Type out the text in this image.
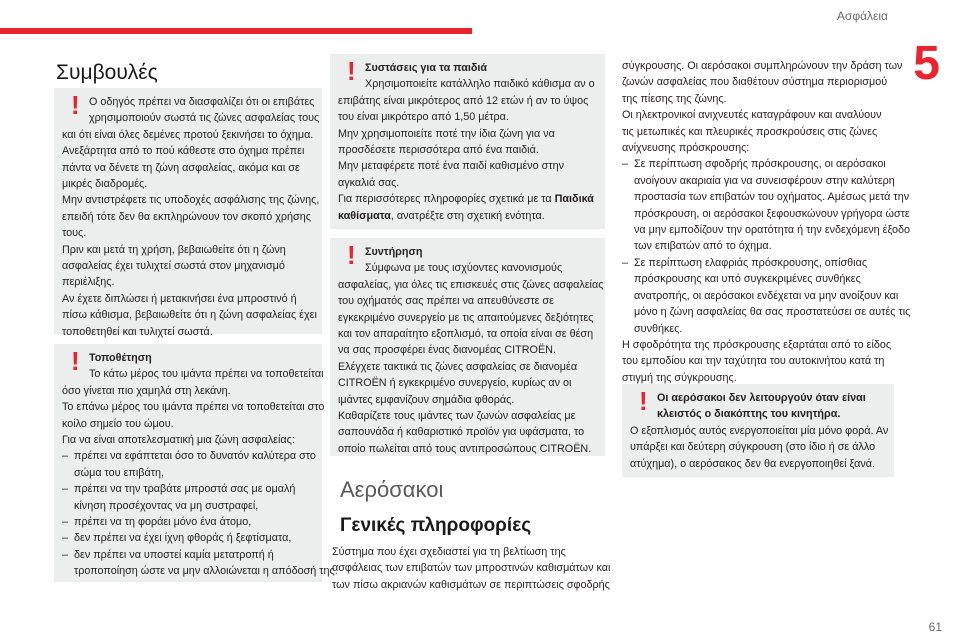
Ασφάλεια
5
61
Συμβουλές
! Ο οδηγός πρέπει να διασφαλίζει ότι οι επιβάτες

χρησιμοποιούν σωστά τις ζώνες ασφαλείας τους

και ότι είναι όλες δεμένες προτού ξεκινήσει το όχημα.

Ανεξάρτητα από το πού κάθεστε στο όχημα πρέπει

πάντα να δένετε τη ζώνη ασφαλείας, ακόμα και σε

μικρές διαδρομές.

Μην αντιστρέφετε τις υποδοχές ασφάλισης της ζώνης,

επειδή τότε δεν θα εκπληρώνουν τον σκοπό χρήσης

τους.

Πριν και μετά τη χρήση, βεβαιωθείτε ότι η ζώνη

ασφαλείας έχει τυλιχτεί σωστά στον μηχανισμό

περιέλιξης.

Αν έχετε διπλώσει ή μετακινήσει ένα μπροστινό ή

πίσω κάθισμα, βεβαιωθείτε ότι η ζώνη ασφαλείας έχει

τοποθετηθεί και τυλιχτεί σωστά.

! Τοποθέτηση

Το κάτω μέρος του ιμάντα πρέπει να τοποθετείται

όσο γίνεται πιο χαμηλά στη λεκάνη.

Το επάνω μέρος του ιμάντα πρέπει να τοποθετείται στο

κοίλο σημείο του ώμου.

Για να είναι αποτελεσματική μια ζώνη ασφαλείας:

–  πρέπει να εφάπτεται όσο το δυνατόν καλύτερα στο

σώμα του επιβάτη,

–  πρέπει να την τραβάτε μπροστά σας με ομαλή

κίνηση προσέχοντας να μη συστραφεί,

–  πρέπει να τη φοράει μόνο ένα άτομο,

–  δεν πρέπει να έχει ίχνη φθοράς ή ξεφτίσματα,

–  δεν πρέπει να υποστεί καμία μετατροπή ή

τροποποίηση ώστε να μην αλλοιώνεται η απόδοσή της.

! Συστάσεις για τα παιδιά

Χρησιμοποιείτε κατάλληλο παιδικό κάθισμα αν ο

επιβάτης είναι μικρότερος από 12 ετών ή αν το ύψος

του είναι μικρότερο από 1,50 μέτρα.

Μην χρησιμοποιείτε ποτέ την ίδια ζώνη για να

προσδέσετε περισσότερα από ένα παιδιά.

Μην μεταφέρετε ποτέ ένα παιδί καθισμένο στην

αγκαλιά σας.

Για περισσότερες πληροφορίες σχετικά με τα Παιδικά καθίσματα, ανατρέξτε στη σχετική ενότητα.

! Συντήρηση

Σύμφωνα με τους ισχύοντες κανονισμούς

ασφαλείας, για όλες τις επισκευές στις ζώνες ασφαλείας

του οχήματός σας πρέπει να απευθύνεστε σε

εγκεκριμένο συνεργείο με τις απαιτούμενες δεξιότητες

και τον απαραίτητο εξοπλισμό, τα οποία είναι σε θέση

να σας προσφέρει ένας διανομέας CITROËN.

Ελέγχετε τακτικά τις ζώνες ασφαλείας σε διανομέα

CITROËN ή εγκεκριμένο συνεργείο, κυρίως αν οι

ιμάντες εμφανίζουν σημάδια φθοράς.

Καθαρίζετε τους ιμάντες των ζωνών ασφαλείας με

σαπουνάδα ή καθαριστικό προϊόν για υφάσματα, το

οποίο πωλείται από τους αντιπροσώπους CITROËN.

Αερόσακοι
Γενικές πληροφορίες

Σύστημα που έχει σχεδιαστεί για τη βελτίωση της

ασφάλειας των επιβατών των μπροστινών καθισμάτων και

των πίσω ακριανών καθισμάτων σε περιπτώσεις σφοδρής

σύγκρουσης. Οι αερόσακοι συμπληρώνουν την δράση των

ζωνών ασφαλείας που διαθέτουν σύστημα περιορισμού

της πίεσης της ζώνης.

Οι ηλεκτρονικοί ανιχνευτές καταγράφουν και αναλύουν

τις μετωπικές και πλευρικές προσκρούσεις στις ζώνες

ανίχνευσης πρόσκρουσης:

–  Σε περίπτωση σφοδρής πρόσκρουσης, οι αερόσακοι

ανοίγουν ακαριαία για να συνεισφέρουν στην καλύτερη

προστασία των επιβατών του οχήματος. Αμέσως μετά την

πρόσκρουση, οι αερόσακοι ξεφουσκώνουν γρήγορα ώστε

να μην εμποδίζουν την ορατότητα ή την ενδεχόμενη έξοδο

των επιβατών από το όχημα.

–  Σε περίπτωση ελαφριάς πρόσκρουσης, οπίσθιας

πρόσκρουσης και υπό συγκεκριμένες συνθήκες

ανατροπής, οι αερόσακοι ενδέχεται να μην ανοίξουν και

μόνο η ζώνη ασφαλείας θα σας προστατεύσει σε αυτές τις

συνθήκες.

Η σφοδρότητα της πρόσκρουσης εξαρτάται από το είδος

του εμποδίου και την ταχύτητα του αυτοκινήτου κατά τη

στιγμή της σύγκρουσης.

! Οι αερόσακοι δεν λειτουργούν όταν είναι

κλειστός ο διακόπτης του κινητήρα.

Ο εξοπλισμός αυτός ενεργοποιείται μία μόνο φορά. Αν

υπάρξει και δεύτερη σύγκρουση (στο ίδιο ή σε άλλο

ατύχημα), ο αερόσακος δεν θα ενεργοποιηθεί ξανά.
